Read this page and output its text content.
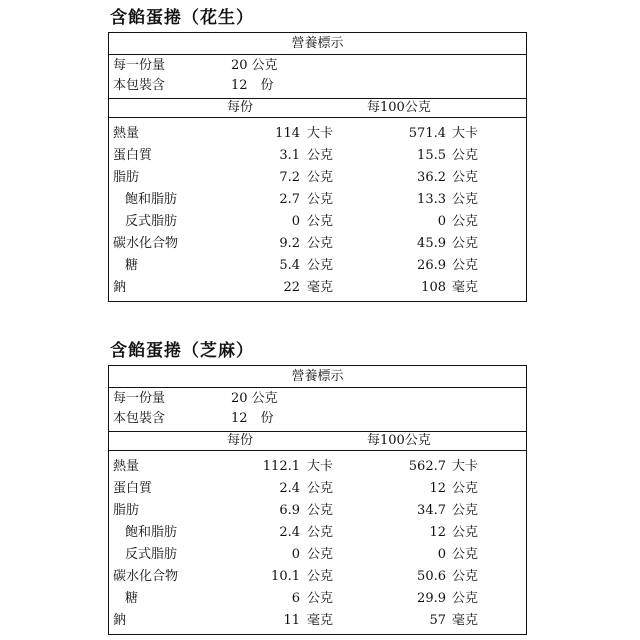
含餡蛋捲（花生）
營養標示
每一份量	20 公克
本包裝含	12　份
每份	每100公克
熱量	114 大卡	571.4 大卡
蛋白質	3.1 公克	15.5 公克
脂肪	7.2 公克	36.2 公克
飽和脂肪	2.7 公克	13.3 公克
反式脂肪	0 公克	0 公克
碳水化合物	9.2 公克	45.9 公克
糖	5.4 公克	26.9 公克
鈉	22 毫克	108 毫克
含餡蛋捲（芝麻）
營養標示
每一份量	20 公克
本包裝含	12　份
每份	每100公克
熱量	112.1 大卡	562.7 大卡
蛋白質	2.4 公克	12 公克
脂肪	6.9 公克	34.7 公克
飽和脂肪	2.4 公克	12 公克
反式脂肪	0 公克	0 公克
碳水化合物	10.1 公克	50.6 公克
糖	6 公克	29.9 公克
鈉	11 毫克	57 毫克
